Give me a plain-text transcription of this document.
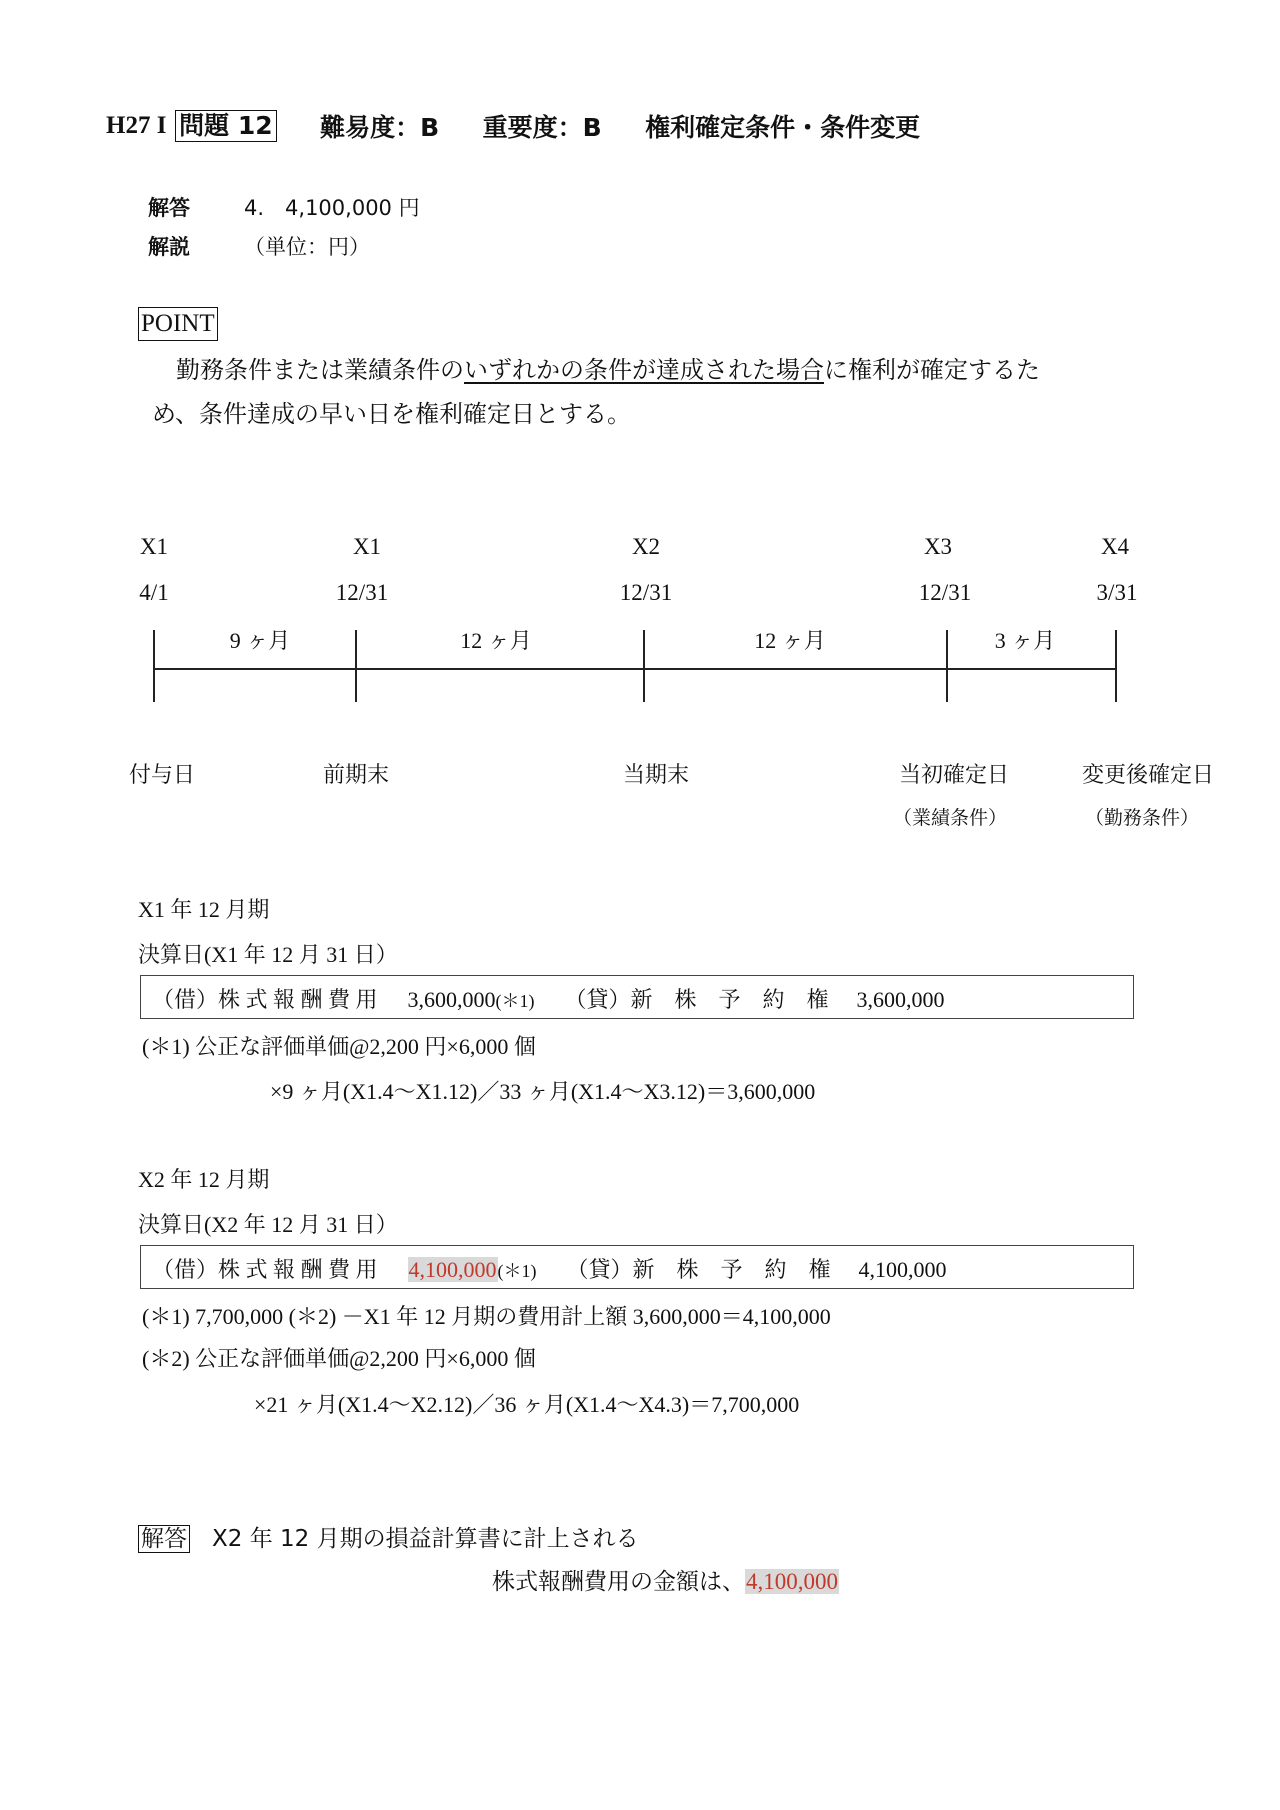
H27 I 問題 12 難易度：B 重要度：B 権利確定条件・条件変更
解答	4.　4,100,000 円
解説	（単位：円）
POINT
勤務条件または業績条件のいずれかの条件が達成された場合に権利が確定するた
め、条件達成の早い日を権利確定日とする。
X1	X1	X2	X3	X4
4/1	12/31	12/31	12/31	3/31
9 ヶ月	12 ヶ月	12 ヶ月	3 ヶ月
付与日	前期末	当期末	当初確定日	変更後確定日
（業績条件）	（勤務条件）
X1 年 12 月期
決算日(X1 年 12 月 31 日）
（借）株 式 報 酬 費 用 3,600,000(＊1) （貸）新　株　予　約　権 3,600,000
(＊1) 公正な評価単価@2,200 円×6,000 個
×9 ヶ月(X1.4～X1.12)／33 ヶ月(X1.4～X3.12)＝3,600,000
X2 年 12 月期
決算日(X2 年 12 月 31 日）
（借）株 式 報 酬 費 用 4,100,000(＊1) （貸）新　株　予　約　権 4,100,000
(＊1) 7,700,000 (＊2) －X1 年 12 月期の費用計上額 3,600,000＝4,100,000
(＊2) 公正な評価単価@2,200 円×6,000 個
×21 ヶ月(X1.4～X2.12)／36 ヶ月(X1.4～X4.3)＝7,700,000
解答 X2 年 12 月期の損益計算書に計上される
株式報酬費用の金額は、4,100,000
